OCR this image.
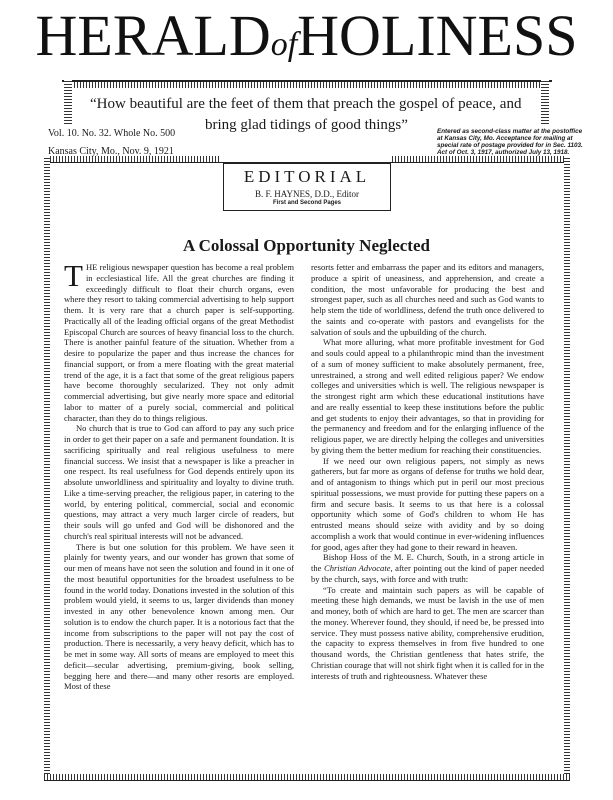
HERALDofHOLINESS
“How beautiful are the feet of them that preach the gospel of peace, and
bring glad tidings of good things”
Vol. 10. No. 32. Whole No. 500
Kansas City, Mo., Nov. 9, 1921
Entered as second-class matter at the postoffice at Kansas City, Mo. Acceptance for mailing at special rate of postage provided for in Sec. 1103. Act of Oct. 3, 1917, authorized July 13, 1918.
EDITORIAL
B. F. HAYNES, D.D., Editor
First and Second Pages
A Colossal Opportunity Neglected

THE religious newspaper question has become a real problem in ecclesiastical life. All the great churches are finding it exceedingly difficult to float their church organs, even where they resort to taking commercial advertising to help support them. It is very rare that a church paper is self-supporting. Practically all of the leading official organs of the great Methodist Episcopal Church are sources of heavy financial loss to the church. There is another painful feature of the situation. Whether from a desire to popularize the paper and thus increase the chances for financial support, or from a mere floating with the great material trend of the age, it is a fact that some of the great religious papers have become thoroughly secularized. They not only admit commercial advertising, but give nearly more space and editorial labor to matter of a purely social, commercial and political character, than they do to things religious.

No church that is true to God can afford to pay any such price in order to get their paper on a safe and permanent foundation. It is sacrificing spiritually and real religious usefulness to mere financial success. We insist that a newspaper is like a preacher in one respect. Its real usefulness for God depends entirely upon its absolute unworldliness and spirituality and loyalty to divine truth. Like a time-serving preacher, the religious paper, in catering to the world, by entering political, commercial, social and economic questions, may attract a very much larger circle of readers, but their souls will go unfed and God will be dishonored and the church's real spiritual interests will not be advanced.

There is but one solution for this problem. We have seen it plainly for twenty years, and our wonder has grown that some of our men of means have not seen the solution and found in it one of the most beautiful opportunities for the broadest usefulness to be found in the world today. Donations invested in the solution of this problem would yield, it seems to us, larger dividends than money invested in any other benevolence known among men. Our solution is to endow the church paper. It is a notorious fact that the income from subscriptions to the paper will not pay the cost of production. There is necessarily, a very heavy deficit, which has to be met in some way. All sorts of means are employed to meet this deficit—secular advertising, premium-giving, book selling, begging here and there—and many other resorts are employed. Most of these

resorts fetter and embarrass the paper and its editors and managers, produce a spirit of uneasiness, and apprehension, and create a condition, the most unfavorable for producing the best and strongest paper, such as all churches need and such as God wants to help stem the tide of worldliness, defend the truth once delivered to the saints and co-operate with pastors and evangelists for the salvation of souls and the upbuilding of the church.

What more alluring, what more profitable investment for God and souls could appeal to a philanthropic mind than the investment of a sum of money sufficient to make absolutely permanent, free, unrestrained, a strong and well edited religious paper? We endow colleges and universities which is well. The religious newspaper is the strongest right arm which these educational institutions have and are really essential to keep these institutions before the public and get students to enjoy their advantages, so that in providing for the permanency and freedom and for the enlarging influence of the religious paper, we are directly helping the colleges and universities by giving them the better medium for reaching their constituencies.

If we need our own religious papers, not simply as news gatherers, but far more as organs of defense for truths we hold dear, and of antagonism to things which put in peril our most precious spiritual possessions, we must provide for putting these papers on a firm and secure basis. It seems to us that here is a colossal opportunity which some of God's children to whom He has entrusted means should seize with avidity and by so doing accomplish a work that would continue in ever-widening influences for good, ages after they had gone to their reward in heaven.

Bishop Hoss of the M. E. Church, South, in a strong article in the Christian Advocate, after pointing out the kind of paper needed by the church, says, with force and with truth:

“To create and maintain such papers as will be capable of meeting these high demands, we must be lavish in the use of men and money, both of which are hard to get. The men are scarcer than the money. Wherever found, they should, if need be, be pressed into service. They must possess native ability, comprehensive erudition, the capacity to express themselves in from five hundred to one thousand words, the Christian gentleness that hates strife, the Christian courage that will not shirk fight when it is called for in the interests of truth and righteousness. Whatever these
